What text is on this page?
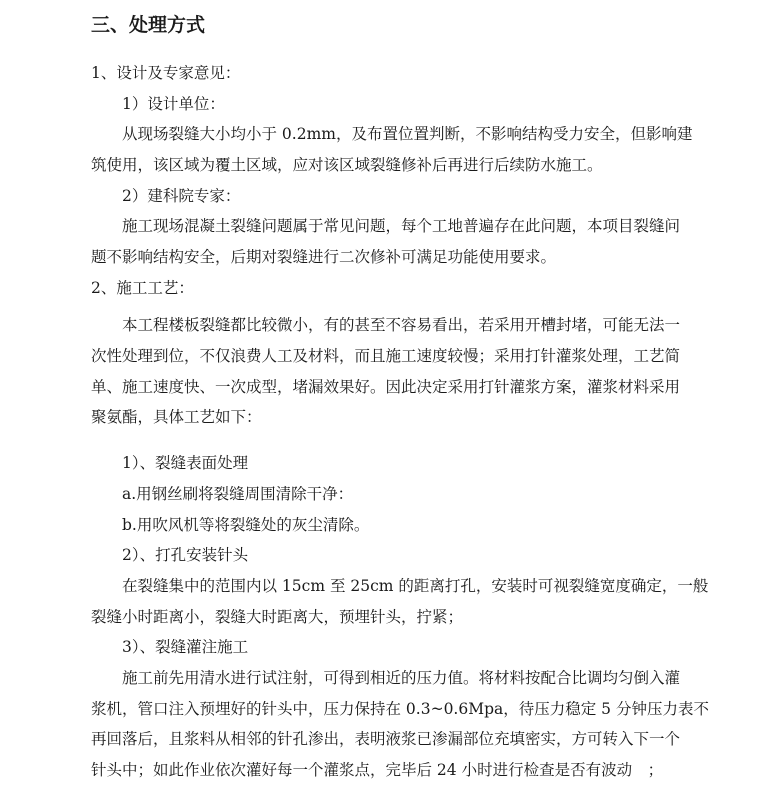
三、处理方式
1、设计及专家意见：
1）设计单位：
从现场裂缝大小均小于 0.2mm，及布置位置判断，不影响结构受力安全，但影响建
筑使用，该区域为覆土区域，应对该区域裂缝修补后再进行后续防水施工。
2）建科院专家：
施工现场混凝土裂缝问题属于常见问题，每个工地普遍存在此问题，本项目裂缝问
题不影响结构安全，后期对裂缝进行二次修补可满足功能使用要求。
2、施工工艺：
本工程楼板裂缝都比较微小，有的甚至不容易看出，若采用开槽封堵，可能无法一
次性处理到位，不仅浪费人工及材料，而且施工速度较慢；采用打针灌浆处理，工艺简
单、施工速度快、一次成型，堵漏效果好。因此决定采用打针灌浆方案，灌浆材料采用
聚氨酯，具体工艺如下：
1）、裂缝表面处理
a.用钢丝刷将裂缝周围清除干净：
b.用吹风机等将裂缝处的灰尘清除。
2）、打孔安装针头
在裂缝集中的范围内以 15cm 至 25cm 的距离打孔，安装时可视裂缝宽度确定，一般
裂缝小时距离小，裂缝大时距离大，预埋针头，拧紧；
3）、裂缝灌注施工
施工前先用清水进行试注射，可得到相近的压力值。将材料按配合比调均匀倒入灌
浆机，管口注入预埋好的针头中，压力保持在 0.3~0.6Mpa，待压力稳定 5 分钟压力表不
再回落后，且浆料从相邻的针孔渗出，表明液浆已渗漏部位充填密实，方可转入下一个
针头中；如此作业依次灌好每一个灌浆点，完毕后 24 小时进行检查是否有波动　；
